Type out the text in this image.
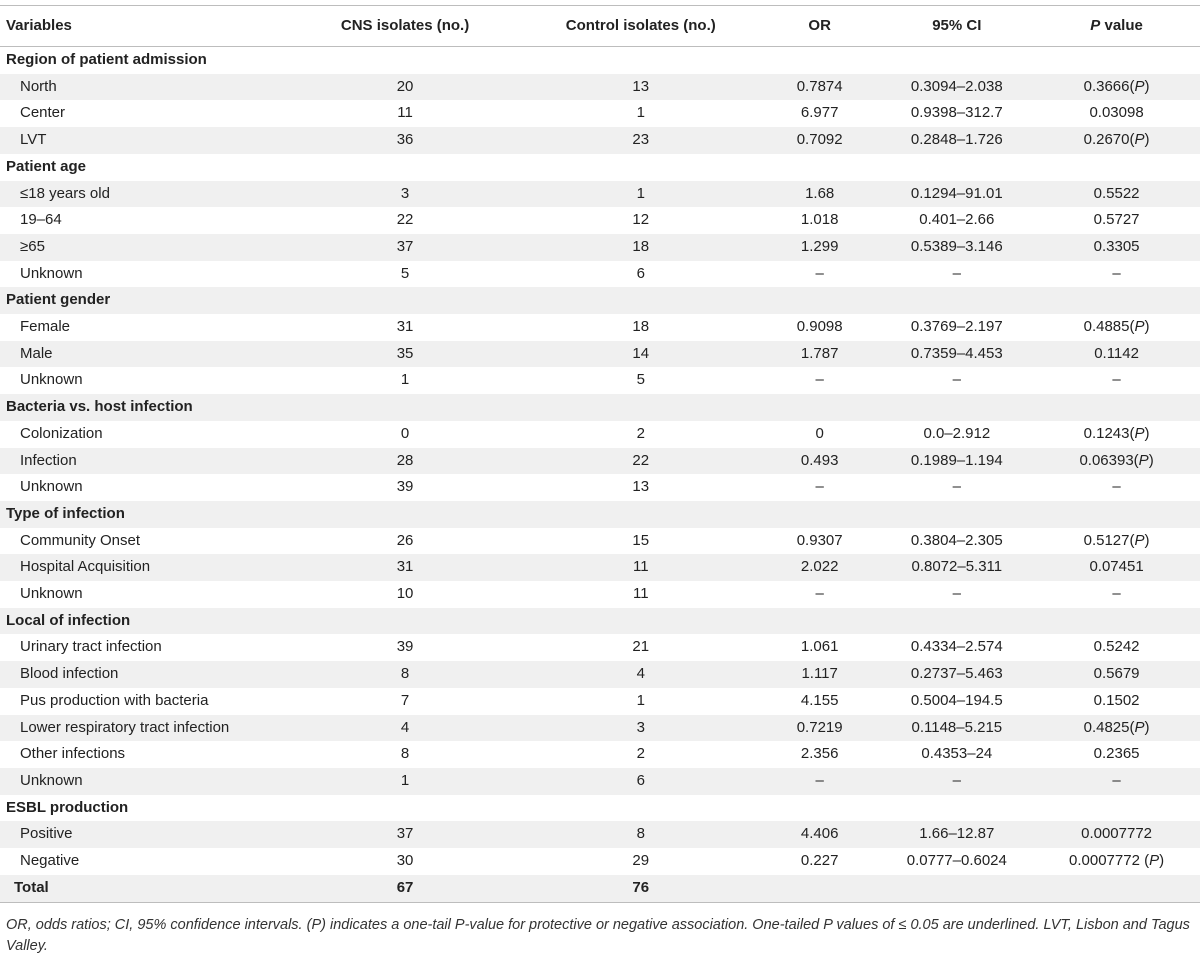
Variables	CNS isolates (no.)	Control isolates (no.)	OR	95% CI	P value
Region of patient admission					
North	20	13	0.7874	0.3094–2.038	0.3666(P)
Center	11	1	6.977	0.9398–312.7	0.03098
LVT	36	23	0.7092	0.2848–1.726	0.2670(P)
Patient age					
≤18 years old	3	1	1.68	0.1294–91.01	0.5522
19–64	22	12	1.018	0.401–2.66	0.5727
≥65	37	18	1.299	0.5389–3.146	0.3305
Unknown	5	6	–	–	–
Patient gender					
Female	31	18	0.9098	0.3769–2.197	0.4885(P)
Male	35	14	1.787	0.7359–4.453	0.1142
Unknown	1	5	–	–	–
Bacteria vs. host infection					
Colonization	0	2	0	0.0–2.912	0.1243(P)
Infection	28	22	0.493	0.1989–1.194	0.06393(P)
Unknown	39	13	–	–	–
Type of infection					
Community Onset	26	15	0.9307	0.3804–2.305	0.5127(P)
Hospital Acquisition	31	11	2.022	0.8072–5.311	0.07451
Unknown	10	11	–	–	–
Local of infection					
Urinary tract infection	39	21	1.061	0.4334–2.574	0.5242
Blood infection	8	4	1.117	0.2737–5.463	0.5679
Pus production with bacteria	7	1	4.155	0.5004–194.5	0.1502
Lower respiratory tract infection	4	3	0.7219	0.1148–5.215	0.4825(P)
Other infections	8	2	2.356	0.4353–24	0.2365
Unknown	1	6	–	–	–
ESBL production					
Positive	37	8	4.406	1.66–12.87	0.0007772
Negative	30	29	0.227	0.0777–0.6024	0.0007772 (P)
Total	67	76			

OR, odds ratios; CI, 95% confidence intervals. (P) indicates a one-tail P-value for protective or negative association. One-tailed P values of ≤ 0.05 are underlined. LVT, Lisbon and Tagus Valley.
